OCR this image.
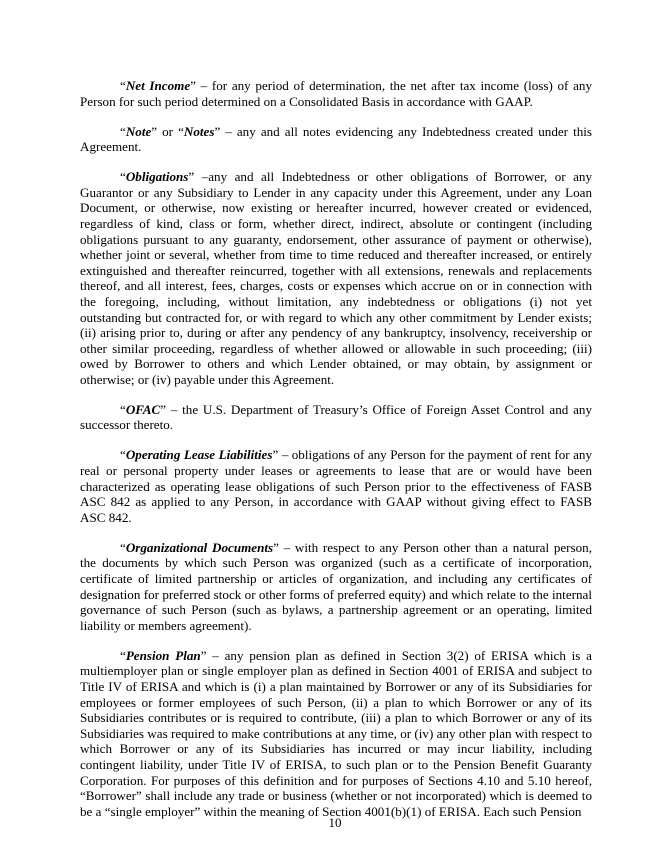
“Net Income” – for any period of determination, the net after tax income (loss) of any Person for such period determined on a Consolidated Basis in accordance with GAAP.

“Note” or “Notes” – any and all notes evidencing any Indebtedness created under this Agreement.

“Obligations” –any and all Indebtedness or other obligations of Borrower, or any Guarantor or any Subsidiary to Lender in any capacity under this Agreement, under any Loan Document, or otherwise, now existing or hereafter incurred, however created or evidenced, regardless of kind, class or form, whether direct, indirect, absolute or contingent (including obligations pursuant to any guaranty, endorsement, other assurance of payment or otherwise), whether joint or several, whether from time to time reduced and thereafter increased, or entirely extinguished and thereafter reincurred, together with all extensions, renewals and replacements thereof, and all interest, fees, charges, costs or expenses which accrue on or in connection with the foregoing, including, without limitation, any indebtedness or obligations (i) not yet outstanding but contracted for, or with regard to which any other commitment by Lender exists; (ii) arising prior to, during or after any pendency of any bankruptcy, insolvency, receivership or other similar proceeding, regardless of whether allowed or allowable in such proceeding; (iii) owed by Borrower to others and which Lender obtained, or may obtain, by assignment or otherwise; or (iv) payable under this Agreement.

“OFAC” – the U.S. Department of Treasury’s Office of Foreign Asset Control and any successor thereto.

“Operating Lease Liabilities” – obligations of any Person for the payment of rent for any real or personal property under leases or agreements to lease that are or would have been characterized as operating lease obligations of such Person prior to the effectiveness of FASB ASC 842 as applied to any Person, in accordance with GAAP without giving effect to FASB ASC 842.

“Organizational Documents” – with respect to any Person other than a natural person, the documents by which such Person was organized (such as a certificate of incorporation, certificate of limited partnership or articles of organization, and including any certificates of designation for preferred stock or other forms of preferred equity) and which relate to the internal governance of such Person (such as bylaws, a partnership agreement or an operating, limited liability or members agreement).

“Pension Plan” – any pension plan as defined in Section 3(2) of ERISA which is a multiemployer plan or single employer plan as defined in Section 4001 of ERISA and subject to Title IV of ERISA and which is (i) a plan maintained by Borrower or any of its Subsidiaries for employees or former employees of such Person, (ii) a plan to which Borrower or any of its Subsidiaries contributes or is required to contribute, (iii) a plan to which Borrower or any of its Subsidiaries was required to make contributions at any time, or (iv) any other plan with respect to which Borrower or any of its Subsidiaries has incurred or may incur liability, including contingent liability, under Title IV of ERISA, to such plan or to the Pension Benefit Guaranty Corporation. For purposes of this definition and for purposes of Sections 4.10 and 5.10 hereof, “Borrower” shall include any trade or business (whether or not incorporated) which is deemed to be a “single employer” within the meaning of Section 4001(b)(1) of ERISA. Each such Pension

10
